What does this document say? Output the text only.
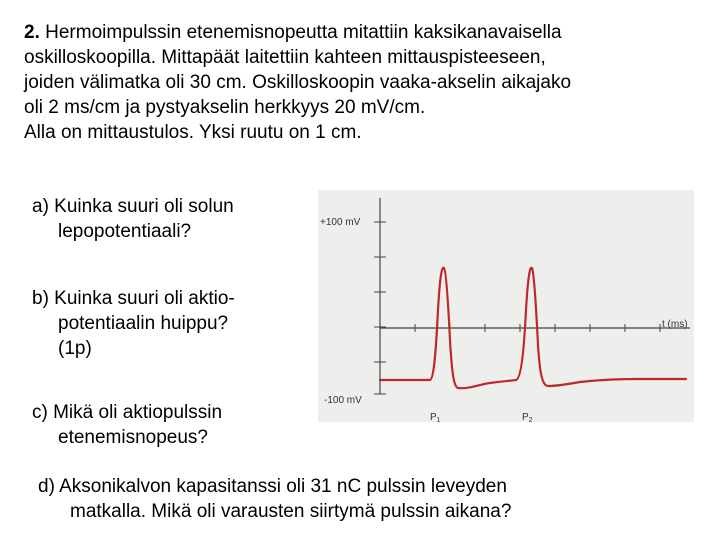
2. Hermoimpulssin etenemisnopeutta mitattiin kaksikanavaisella

oskilloskoopilla. Mittapäät laitettiin kahteen mittauspisteeseen,

joiden välimatka oli 30 cm. Oskilloskoopin vaaka-akselin aikajako

oli 2 ms/cm ja pystyakselin herkkyys 20 mV/cm.

Alla on mittaustulos. Yksi ruutu on 1 cm.

a) Kuinka suuri oli solun
lepopotentiaali?
b) Kuinka suuri oli aktio-
potentiaalin huippu?
(1p)
c) Mikä oli aktiopulssin
etenemisnopeus?
d) Aksonikalvon kapasitanssi oli 31 nC pulssin leveyden
matkalla. Mikä oli varausten siirtymä pulssin aikana?
+100 mV
-100 mV
t (ms)
$P_1$	$P_2$
